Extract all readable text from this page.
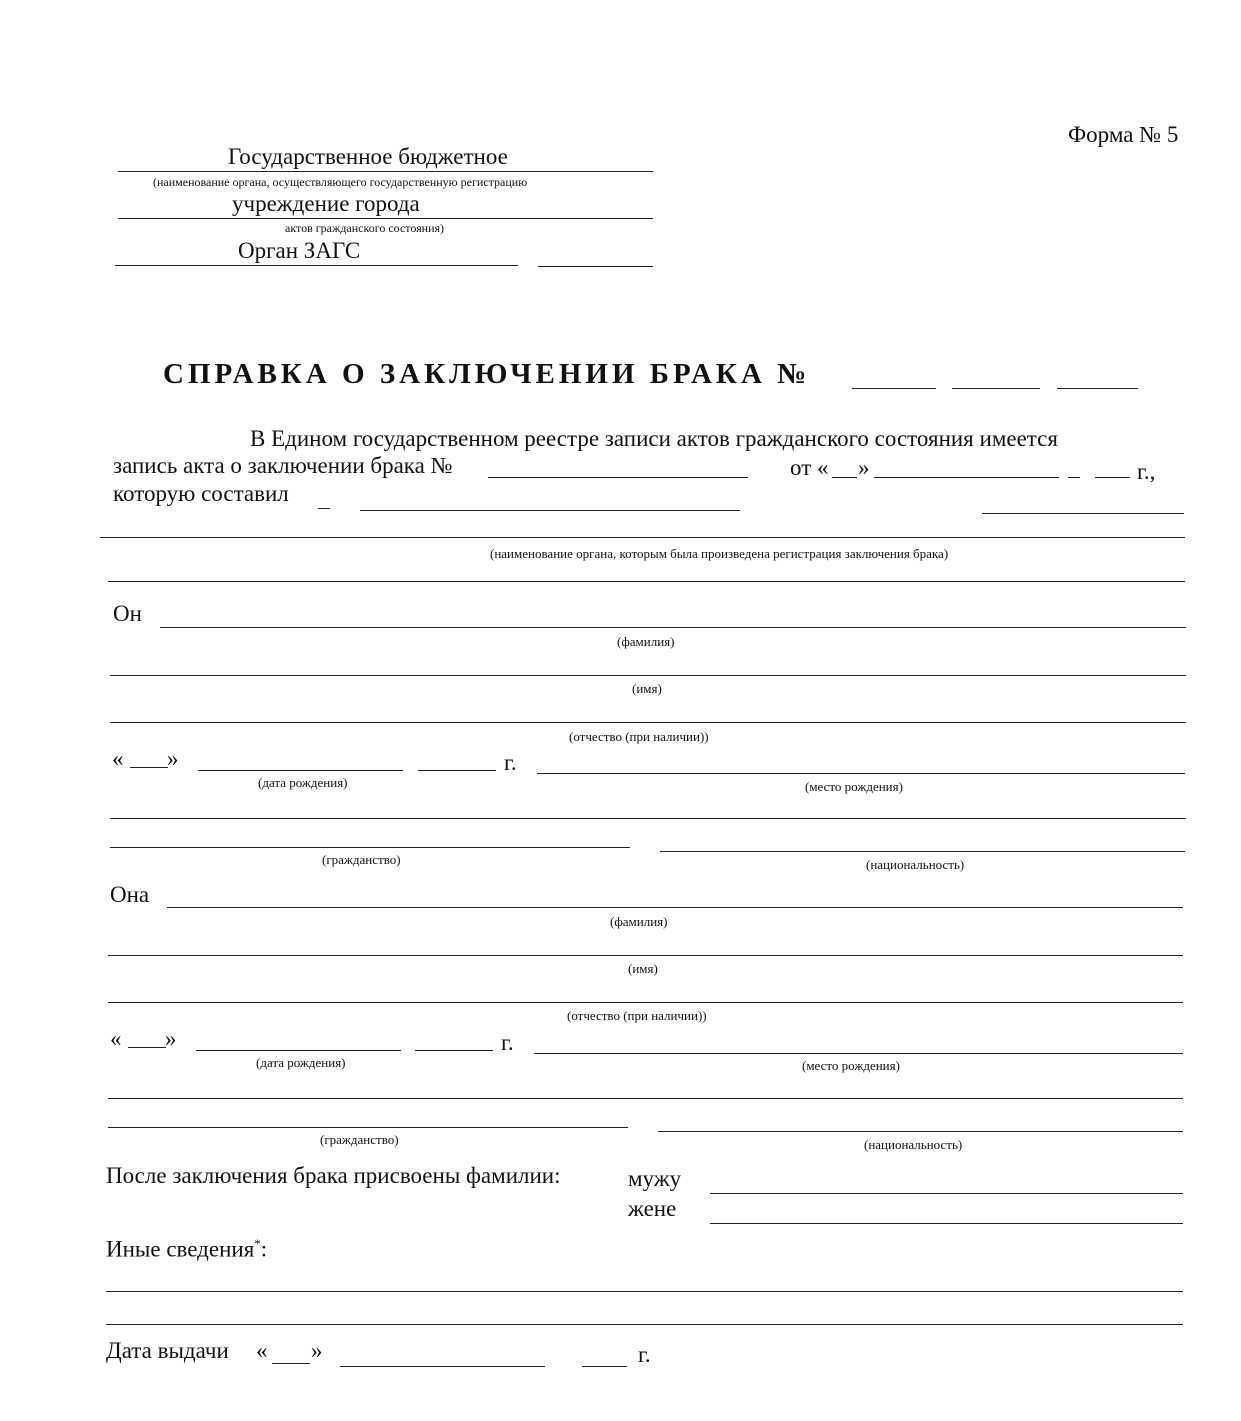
Форма № 5
Государственное бюджетное
(наименование органа, осуществляющего государственную регистрацию
учреждение города
актов гражданского состояния)
Орган ЗАГС
СПРАВКА О ЗАКЛЮЧЕНИИ БРАКА №
В Едином государственном реестре записи актов гражданского состояния имеется
запись акта о заключении брака №	от « »	г.,
которую составил
(наименование органа, которым была произведена регистрация заключения брака)
Он
(фамилия)
(имя)
(отчество (при наличии))
« »	г.
(дата рождения)	(место рождения)
(гражданство)	(национальность)
Она
(фамилия)
(имя)
(отчество (при наличии))
« »	г.
(дата рождения)	(место рождения)
(гражданство)	(национальность)
После заключения брака присвоены фамилии:	мужу
жене
Иные сведения*:
Дата выдачи « »	г.
